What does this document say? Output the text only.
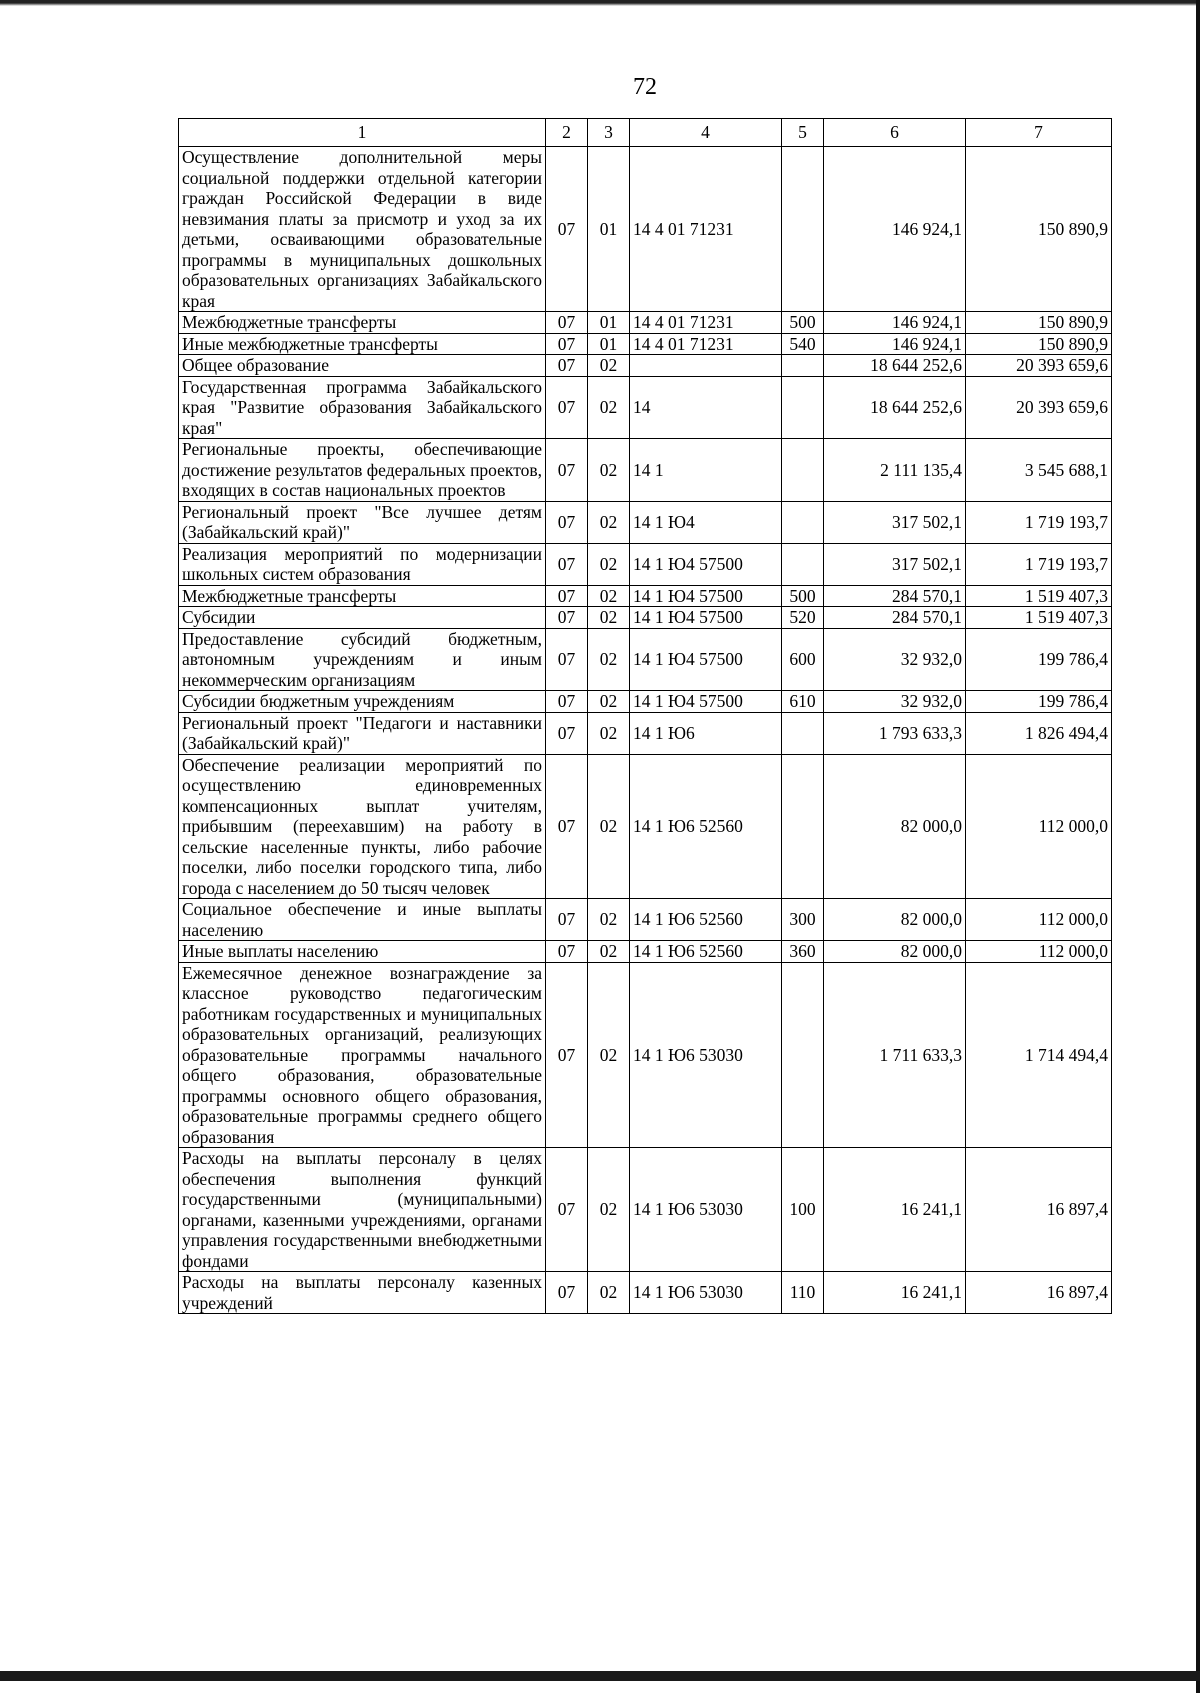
72
1	2	3	4	5	6	7
Осуществление дополнительной меры социальной поддержки отдельной категории граждан Российской Федерации в виде невзимания платы за присмотр и уход за их детьми, осваивающими образовательные программы в муниципальных дошкольных образовательных организациях Забайкальского края	07	01	14 4 01 71231		146 924,1	150 890,9
Межбюджетные трансферты	07	01	14 4 01 71231	500	146 924,1	150 890,9
Иные межбюджетные трансферты	07	01	14 4 01 71231	540	146 924,1	150 890,9
Общее образование	07	02			18 644 252,6	20 393 659,6
Государственная программа Забайкальского края "Развитие образования Забайкальского края"	07	02	14		18 644 252,6	20 393 659,6
Региональные проекты, обеспечивающие достижение результатов федеральных проектов, входящих в состав национальных проектов	07	02	14 1		2 111 135,4	3 545 688,1
Региональный проект "Все лучшее детям (Забайкальский край)"	07	02	14 1 Ю4		317 502,1	1 719 193,7
Реализация мероприятий по модернизации школьных систем образования	07	02	14 1 Ю4 57500		317 502,1	1 719 193,7
Межбюджетные трансферты	07	02	14 1 Ю4 57500	500	284 570,1	1 519 407,3
Субсидии	07	02	14 1 Ю4 57500	520	284 570,1	1 519 407,3
Предоставление субсидий бюджетным, автономным учреждениям и иным некоммерческим организациям	07	02	14 1 Ю4 57500	600	32 932,0	199 786,4
Субсидии бюджетным учреждениям	07	02	14 1 Ю4 57500	610	32 932,0	199 786,4
Региональный проект "Педагоги и наставники (Забайкальский край)"	07	02	14 1 Ю6		1 793 633,3	1 826 494,4
Обеспечение реализации мероприятий по осуществлению единовременных компенсационных выплат учителям, прибывшим (переехавшим) на работу в сельские населенные пункты, либо рабочие поселки, либо поселки городского типа, либо города с населением до 50 тысяч человек	07	02	14 1 Ю6 52560		82 000,0	112 000,0
Социальное обеспечение и иные выплаты населению	07	02	14 1 Ю6 52560	300	82 000,0	112 000,0
Иные выплаты населению	07	02	14 1 Ю6 52560	360	82 000,0	112 000,0
Ежемесячное денежное вознаграждение за классное руководство педагогическим работникам государственных и муниципальных образовательных организаций, реализующих образовательные программы начального общего образования, образовательные программы основного общего образования, образовательные программы среднего общего образования	07	02	14 1 Ю6 53030		1 711 633,3	1 714 494,4
Расходы на выплаты персоналу в целях обеспечения выполнения функций государственными (муниципальными) органами, казенными учреждениями, органами управления государственными внебюджетными фондами	07	02	14 1 Ю6 53030	100	16 241,1	16 897,4
Расходы на выплаты персоналу казенных учреждений	07	02	14 1 Ю6 53030	110	16 241,1	16 897,4
